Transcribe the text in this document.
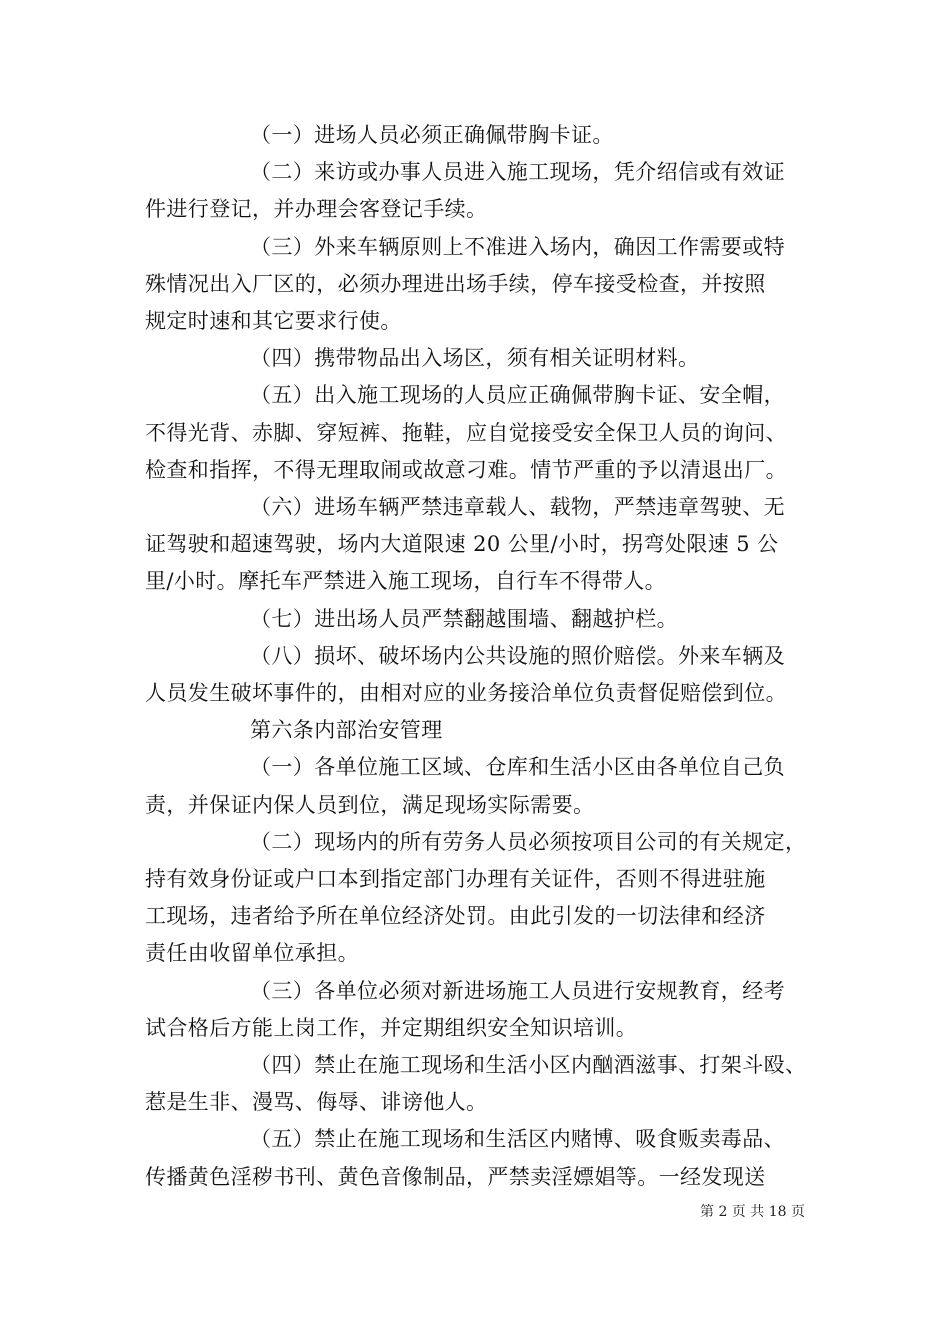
（一）进场人员必须正确佩带胸卡证。

（二）来访或办事人员进入施工现场，凭介绍信或有效证
件进行登记，并办理会客登记手续。

（三）外来车辆原则上不准进入场内，确因工作需要或特
殊情况出入厂区的，必须办理进出场手续，停车接受检查，并按照
规定时速和其它要求行使。

（四）携带物品出入场区，须有相关证明材料。

（五）出入施工现场的人员应正确佩带胸卡证、安全帽，
不得光背、赤脚、穿短裤、拖鞋，应自觉接受安全保卫人员的询问、
检查和指挥，不得无理取闹或故意刁难。情节严重的予以清退出厂。

（六）进场车辆严禁违章载人、载物，严禁违章驾驶、无
证驾驶和超速驾驶，场内大道限速 20 公里/小时，拐弯处限速 5 公
里/小时。摩托车严禁进入施工现场，自行车不得带人。

（七）进出场人员严禁翻越围墙、翻越护栏。

（八）损坏、破坏场内公共设施的照价赔偿。外来车辆及
人员发生破坏事件的，由相对应的业务接洽单位负责督促赔偿到位。

第六条内部治安管理

（一）各单位施工区域、仓库和生活小区由各单位自己负
责，并保证内保人员到位，满足现场实际需要。

（二）现场内的所有劳务人员必须按项目公司的有关规定，
持有效身份证或户口本到指定部门办理有关证件，否则不得进驻施
工现场，违者给予所在单位经济处罚。由此引发的一切法律和经济
责任由收留单位承担。

（三）各单位必须对新进场施工人员进行安规教育，经考
试合格后方能上岗工作，并定期组织安全知识培训。

（四）禁止在施工现场和生活小区内酗酒滋事、打架斗殴、
惹是生非、漫骂、侮辱、诽谤他人。

（五）禁止在施工现场和生活区内赌博、吸食贩卖毒品、
传播黄色淫秽书刊、黄色音像制品，严禁卖淫嫖娼等。一经发现送

第 2 页 共 18 页
